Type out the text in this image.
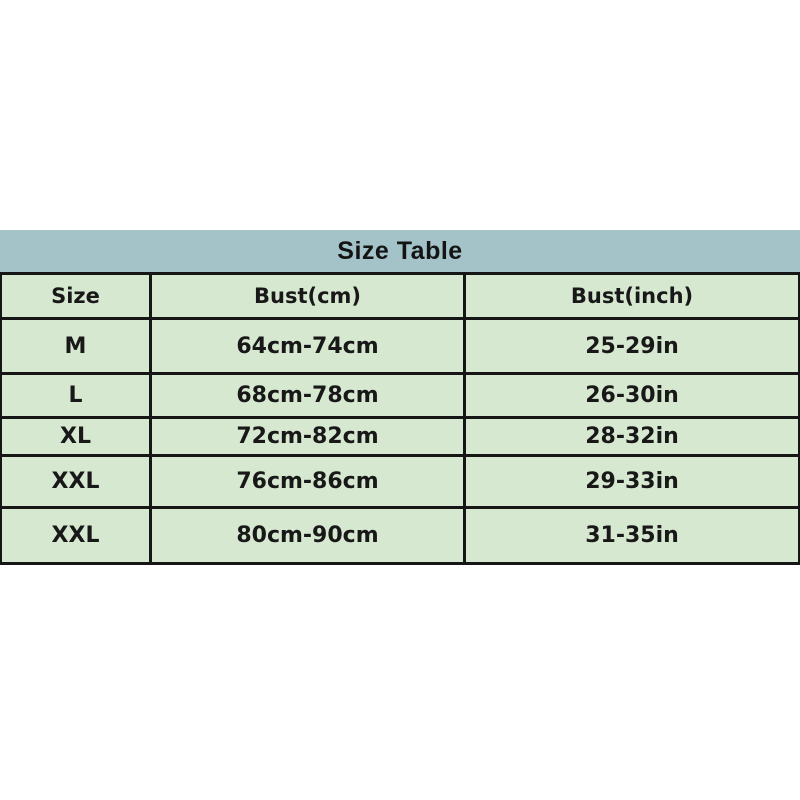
Size Table
Size	Bust(cm)	Bust(inch)
M	64cm-74cm	25-29in
L	68cm-78cm	26-30in
XL	72cm-82cm	28-32in
XXL	76cm-86cm	29-33in
XXL	80cm-90cm	31-35in
